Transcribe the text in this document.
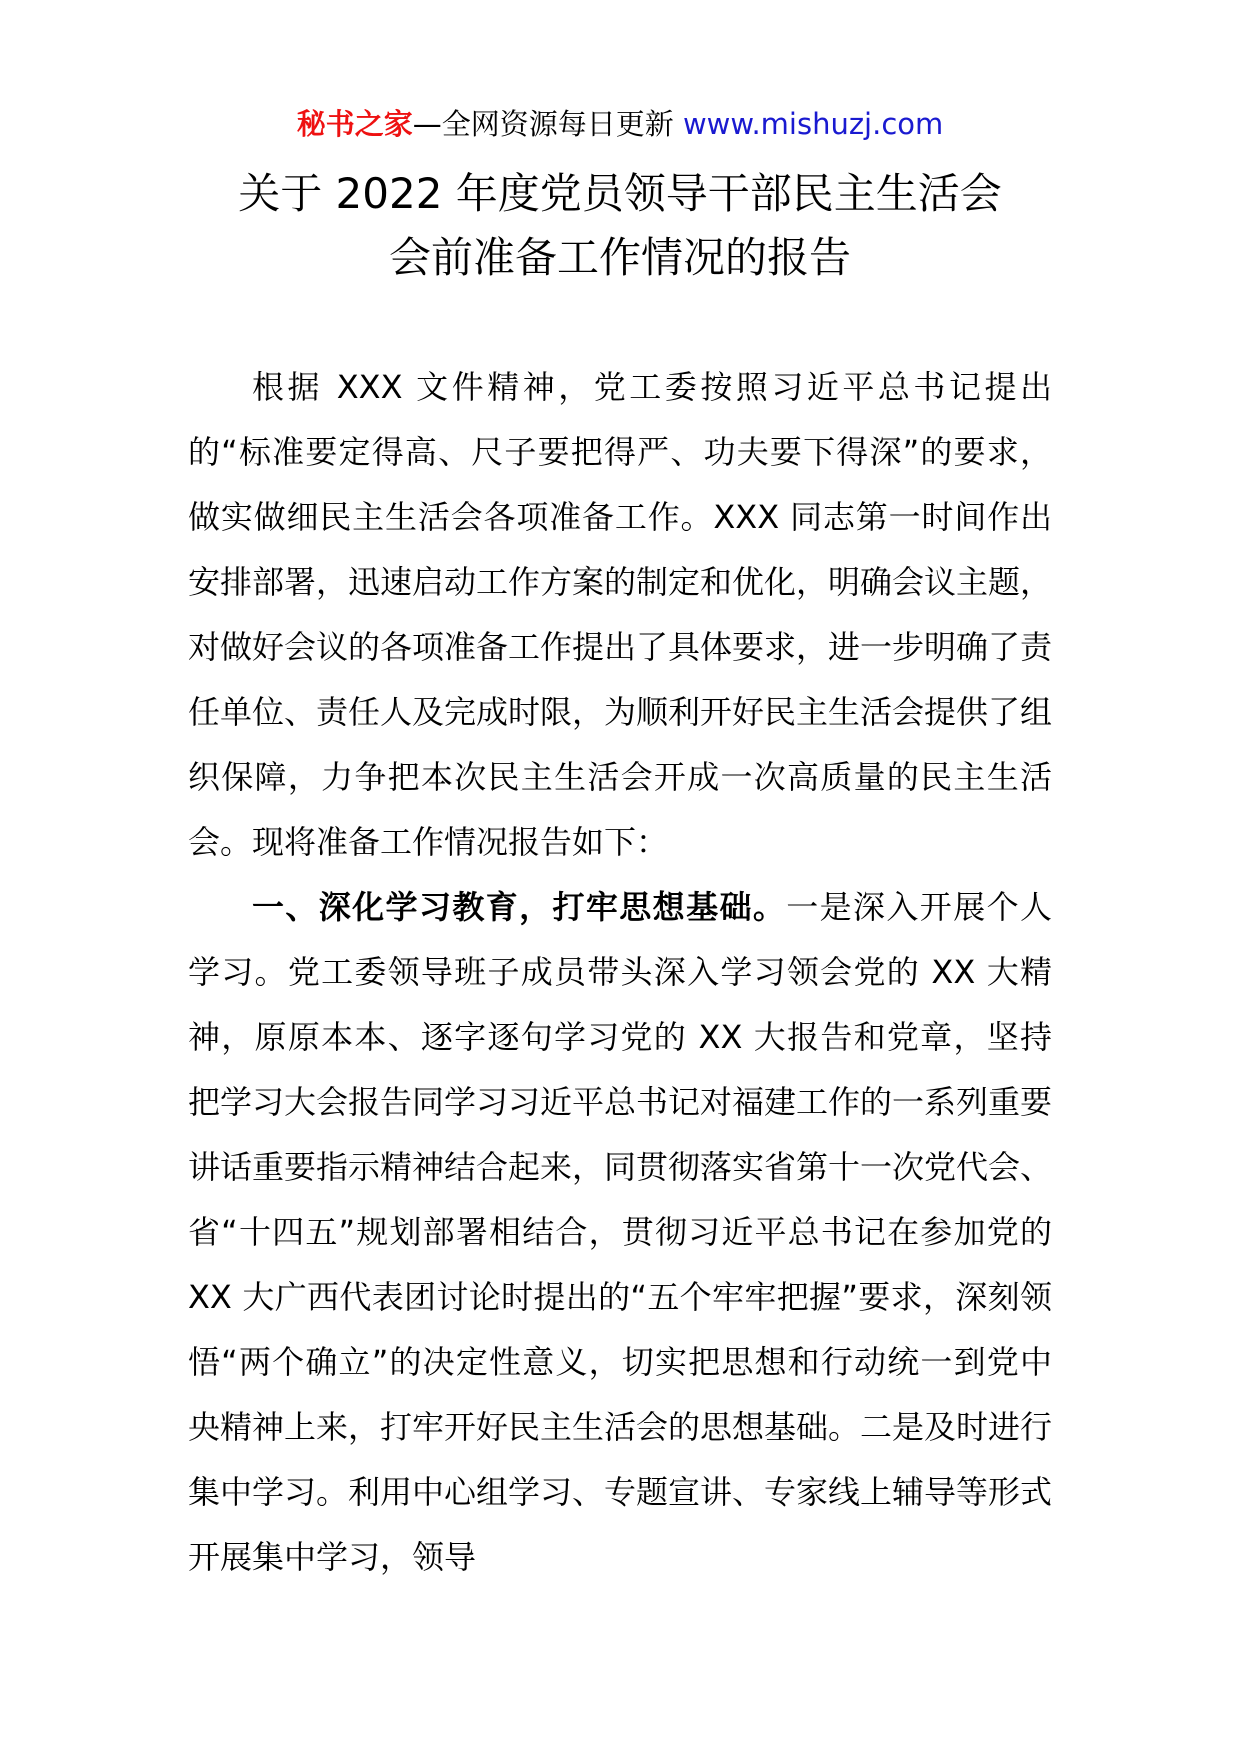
秘书之家—全网资源每日更新 www.mishuzj.com
关于 2022 年度党员领导干部民主生活会
会前准备工作情况的报告

根据 XXX 文件精神，党工委按照习近平总书记提出的“标准要定得高、尺子要把得严、功夫要下得深”的要求，做实做细民主生活会各项准备工作。XXX 同志第一时间作出安排部署，迅速启动工作方案的制定和优化，明确会议主题，对做好会议的各项准备工作提出了具体要求，进一步明确了责任单位、责任人及完成时限，为顺利开好民主生活会提供了组织保障，力争把本次民主生活会开成一次高质量的民主生活会。现将准备工作情况报告如下：

一、深化学习教育，打牢思想基础。一是深入开展个人学习。党工委领导班子成员带头深入学习领会党的 XX 大精神，原原本本、逐字逐句学习党的 XX 大报告和党章，坚持把学习大会报告同学习习近平总书记对福建工作的一系列重要讲话重要指示精神结合起来，同贯彻落实省第十一次党代会、省“十四五”规划部署相结合，贯彻习近平总书记在参加党的 XX 大广西代表团讨论时提出的“五个牢牢把握”要求，深刻领悟“两个确立”的决定性意义，切实把思想和行动统一到党中央精神上来，打牢开好民主生活会的思想基础。二是及时进行集中学习。利用中心组学习、专题宣讲、专家线上辅导等形式开展集中学习，领导
